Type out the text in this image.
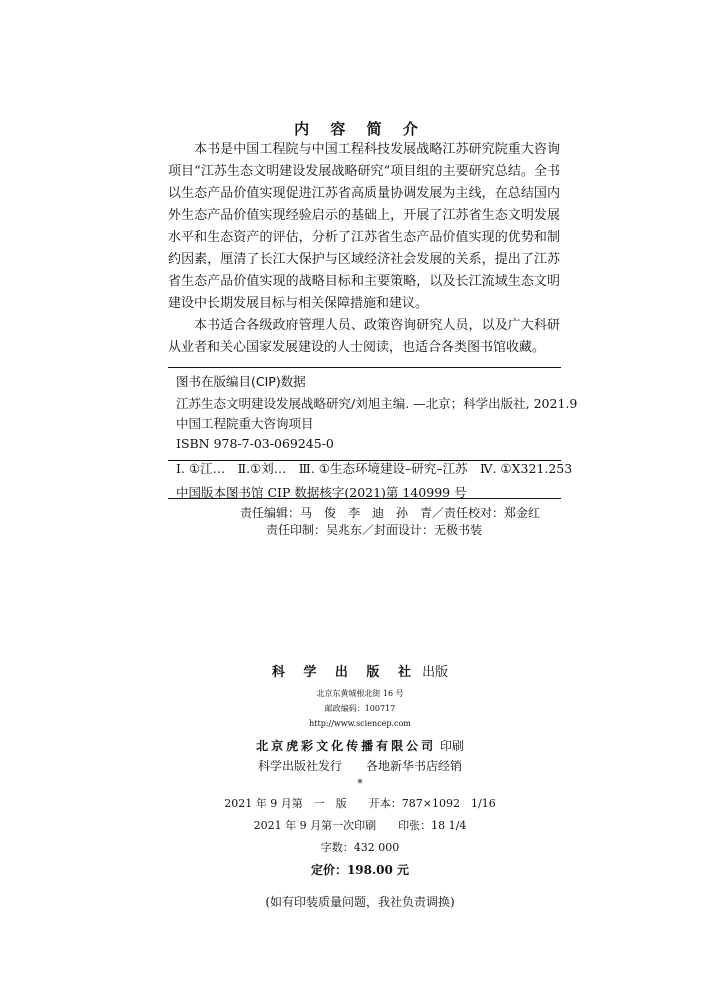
内 容 简 介

本书是中国工程院与中国工程科技发展战略江苏研究院重大咨询项目“江苏生态文明建设发展战略研究”项目组的主要研究总结。全书以生态产品价值实现促进江苏省高质量协调发展为主线，在总结国内外生态产品价值实现经验启示的基础上，开展了江苏省生态文明发展水平和生态资产的评估，分析了江苏省生态产品价值实现的优势和制约因素，厘清了长江大保护与区域经济社会发展的关系，提出了江苏省生态产品价值实现的战略目标和主要策略，以及长江流域生态文明建设中长期发展目标与相关保障措施和建议。

本书适合各级政府管理人员、政策咨询研究人员，以及广大科研从业者和关心国家发展建设的人士阅读，也适合各类图书馆收藏。

图书在版编目(CIP)数据
江苏生态文明建设发展战略研究/刘旭主编. —北京；科学出版社, 2021.9
中国工程院重大咨询项目
ISBN 978-7-03-069245-0
Ⅰ. ①江…　Ⅱ.①刘…　Ⅲ. ①生态环境建设–研究–江苏　Ⅳ. ①X321.253
中国版本图书馆 CIP 数据核字(2021)第 140999 号
责任编辑：马　俊　李　迪　孙　青／责任校对：郑金红
责任印制：吴兆东／封面设计：无极书装
科 学 出 版 社 出版
北京东黄城根北街 16 号
邮政编码：100717
http://www.sciencep.com
北京虎彩文化传播有限公司 印刷
科学出版社发行　　各地新华书店经销
*
2021 年 9 月第　一　版　　开本：787×1092　1/16
2021 年 9 月第一次印刷　　印张：18 1/4
字数：432 000
定价：198.00 元
(如有印装质量问题，我社负责调换)
